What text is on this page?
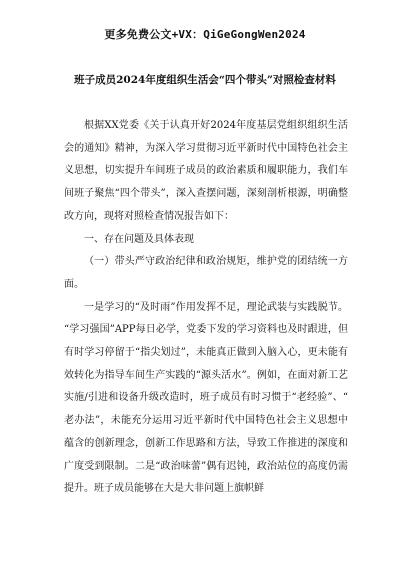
更多免费公文+VX：QiGeGongWen2024
班子成员2024年度组织生活会“四个带头”对照检查材料

根据XX党委《关于认真开好2024年度基层党组织组织生活会的通知》精神，为深入学习贯彻习近平新时代中国特色社会主义思想，切实提升车间班子成员的政治素质和履职能力，我们车间班子聚焦“四个带头”，深入查摆问题，深刻剖析根源，明确整改方向，现将对照检查情况报告如下：

一、存在问题及具体表现

（一）带头严守政治纪律和政治规矩，维护党的团结统一方面。

一是学习的“及时雨”作用发挥不足，理论武装与实践脱节。“学习强国”APP每日必学，党委下发的学习资料也及时跟进，但有时学习停留于“指尖划过”，未能真正做到入脑入心，更未能有效转化为指导车间生产实践的“源头活水”。例如，在面对新工艺实施/引进和设备升级改造时，班子成员有时习惯于“老经验”、“老办法”，未能充分运用习近平新时代中国特色社会主义思想中蕴含的创新理念，创新工作思路和方法，导致工作推进的深度和广度受到限制。二是“政治味蕾”偶有迟钝，政治站位的高度仍需提升。班子成员能够在大是大非问题上旗帜鲜
